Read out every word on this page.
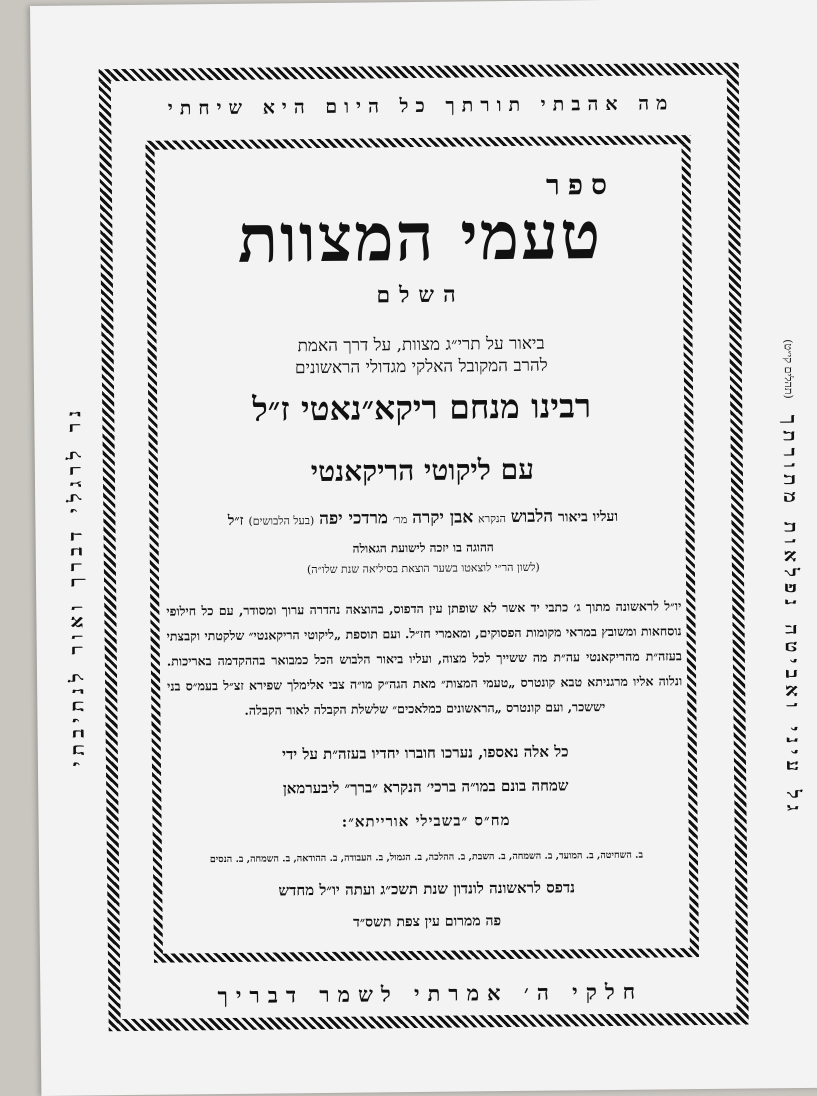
מה אהבתי תורתך כל היום היא שיחתי
חלקי ה׳ אמרתי לשמר דבריך
נר לרגלי דברך ואור לנתיבתי	גל עיני ואביטה נפלאות מתורתך
(תהלים קי״ט)
ספר
טעמי המצוות
השלם
ביאור על תרי״ג מצוות, על דרך האמת
להרב המקובל האלקי מגדולי הראשונים
רבינו מנחם ריקא״נאטי ז״ל
עם ליקוטי הריקאנטי
ועליו ביאור הלבוש הנקרא אבן יקרה מר׳ מרדכי יפה (בעל הלבושים) ז״ל
ההוגה בו יזכה לישועת הגאולה
(לשון הר״י לוצאטו בשער הוצאת בסיליאה שנת שלו״ה)
יו״ל לראשונה מתוך ג׳ כתבי יד אשר לא שופתן עין הדפוס, בהוצאה נהדרה ערוך ומסודר, עם כל חילופי נוסחאות ומשובץ במראי מקומות הפסוקים, ומאמרי חז״ל. ועם תוספת „ליקוטי הריקאנטי״ שלקטתי וקבצתי בעזה״ת מהריקאנטי עה״ת מה ששייך לכל מצוה, ועליו ביאור הלבוש הכל כמבואר בההקדמה באריכות. ונלוה אליו מרגניתא טבא קונטרס „טעמי המצות״ מאת הגה״ק מו״ה צבי אלימלך שפירא זצ״ל בעמ״ס בני יששכר, ועם קונטרס „הראשונים כמלאכים״ שלשלת הקבלה לאור הקבלה.
כל אלה נאספו, נערכו חוברו יחדיו בעזה״ת על ידי
שמחה בונם במו״ה ברכי׳ הנקרא ״ברך״ ליבערמאן
מח״ס ״בשבילי אורייתא״:
ב. השחיטה, ב. המועד, ב. השמחה, ב. השבת, ב. ההלכה, ב. הגמול, ב. העבודה, ב. ההודאה, ב. השמחה, ב. הנסים
נדפס לראשונה לונדון שנת תשכ״ג ועתה יו״ל מחדש
פה ממרום עין צפת תשס״ד
